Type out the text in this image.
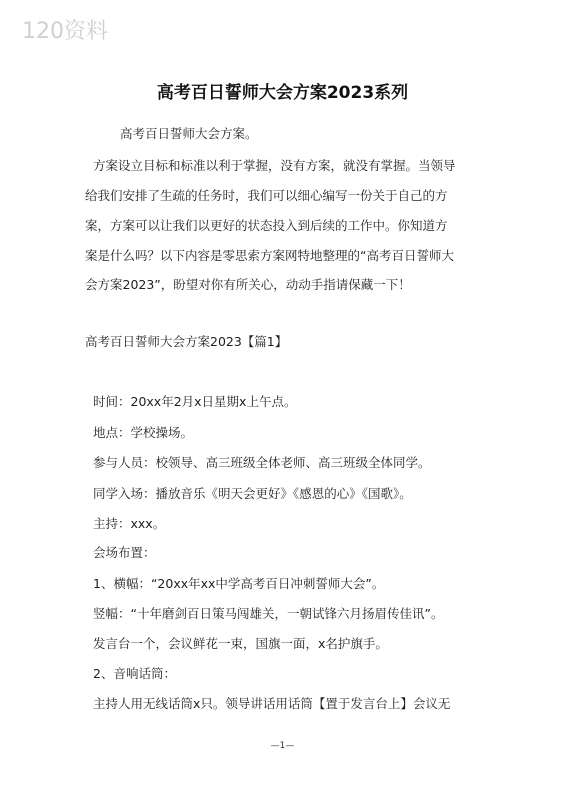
120资料
高考百日誓师大会方案2023系列
高考百日誓师大会方案。
方案设立目标和标准以利于掌握，没有方案，就没有掌握。当领导
给我们安排了生疏的任务时，我们可以细心编写一份关于自己的方
案，方案可以让我们以更好的状态投入到后续的工作中。你知道方
案是什么吗？以下内容是零思索方案网特地整理的“高考百日誓师大
会方案2023”，盼望对你有所关心，动动手指请保藏一下！
高考百日誓师大会方案2023【篇1】
时间：20xx年2月x日星期x上午点。
地点：学校操场。
参与人员：校领导、高三班级全体老师、高三班级全体同学。
同学入场：播放音乐《明天会更好》《感恩的心》《国歌》。
主持：xxx。
会场布置：
1、横幅：“20xx年xx中学高考百日冲刺誓师大会”。
竖幅：“十年磨剑百日策马闯雄关，一朝试锋六月扬眉传佳讯”。
发言台一个，会议鲜花一束，国旗一面，x名护旗手。
2、音响话筒：
主持人用无线话筒x只。领导讲话用话筒【置于发言台上】会议无
—1—
